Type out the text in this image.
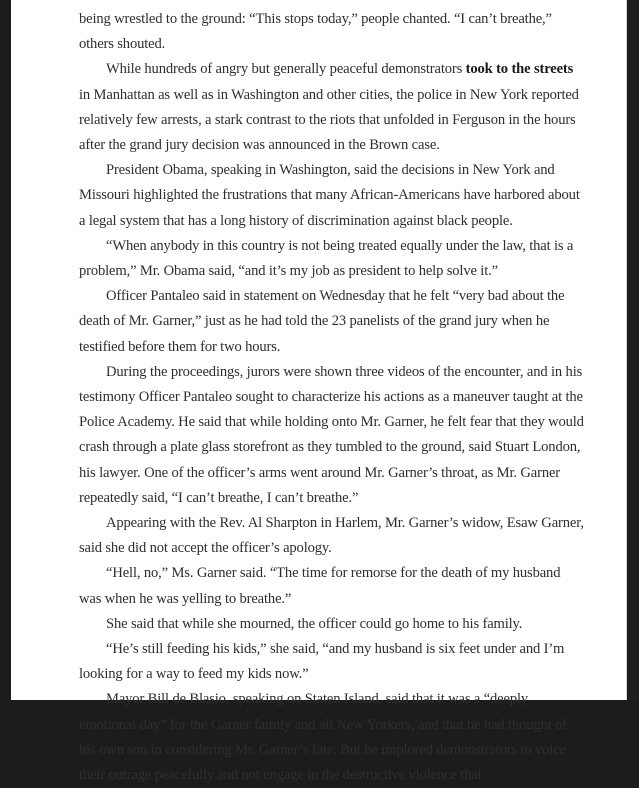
being wrestled to the ground: “This stops today,” people chanted. “I can’t breathe,” others shouted.

While hundreds of angry but generally peaceful demonstrators took to the streets in Manhattan as well as in Washington and other cities, the police in New York reported relatively few arrests, a stark contrast to the riots that unfolded in Ferguson in the hours after the grand jury decision was announced in the Brown case.

President Obama, speaking in Washington, said the decisions in New York and Missouri highlighted the frustrations that many African-Americans have harbored about a legal system that has a long history of discrimination against black people.

“When anybody in this country is not being treated equally under the law, that is a problem,” Mr. Obama said, “and it’s my job as president to help solve it.”

Officer Pantaleo said in statement on Wednesday that he felt “very bad about the death of Mr. Garner,” just as he had told the 23 panelists of the grand jury when he testified before them for two hours.

During the proceedings, jurors were shown three videos of the encounter, and in his testimony Officer Pantaleo sought to characterize his actions as a maneuver taught at the Police Academy. He said that while holding onto Mr. Garner, he felt fear that they would crash through a plate glass storefront as they tumbled to the ground, said Stuart London, his lawyer. One of the officer’s arms went around Mr. Garner’s throat, as Mr. Garner repeatedly said, “I can’t breathe, I can’t breathe.”

Appearing with the Rev. Al Sharpton in Harlem, Mr. Garner’s widow, Esaw Garner, said she did not accept the officer’s apology.

“Hell, no,” Ms. Garner said. “The time for remorse for the death of my husband was when he was yelling to breathe.”

She said that while she mourned, the officer could go home to his family.

“He’s still feeding his kids,” she said, “and my husband is six feet under and I’m looking for a way to feed my kids now.”

Mayor Bill de Blasio, speaking on Staten Island, said that it was a “deeply emotional day” for the Garner family and all New Yorkers, and that he had thought of his own son in considering Mr. Garner’s fate. But he implored demonstrators to voice their outrage peacefully and not engage in the destructive violence that
